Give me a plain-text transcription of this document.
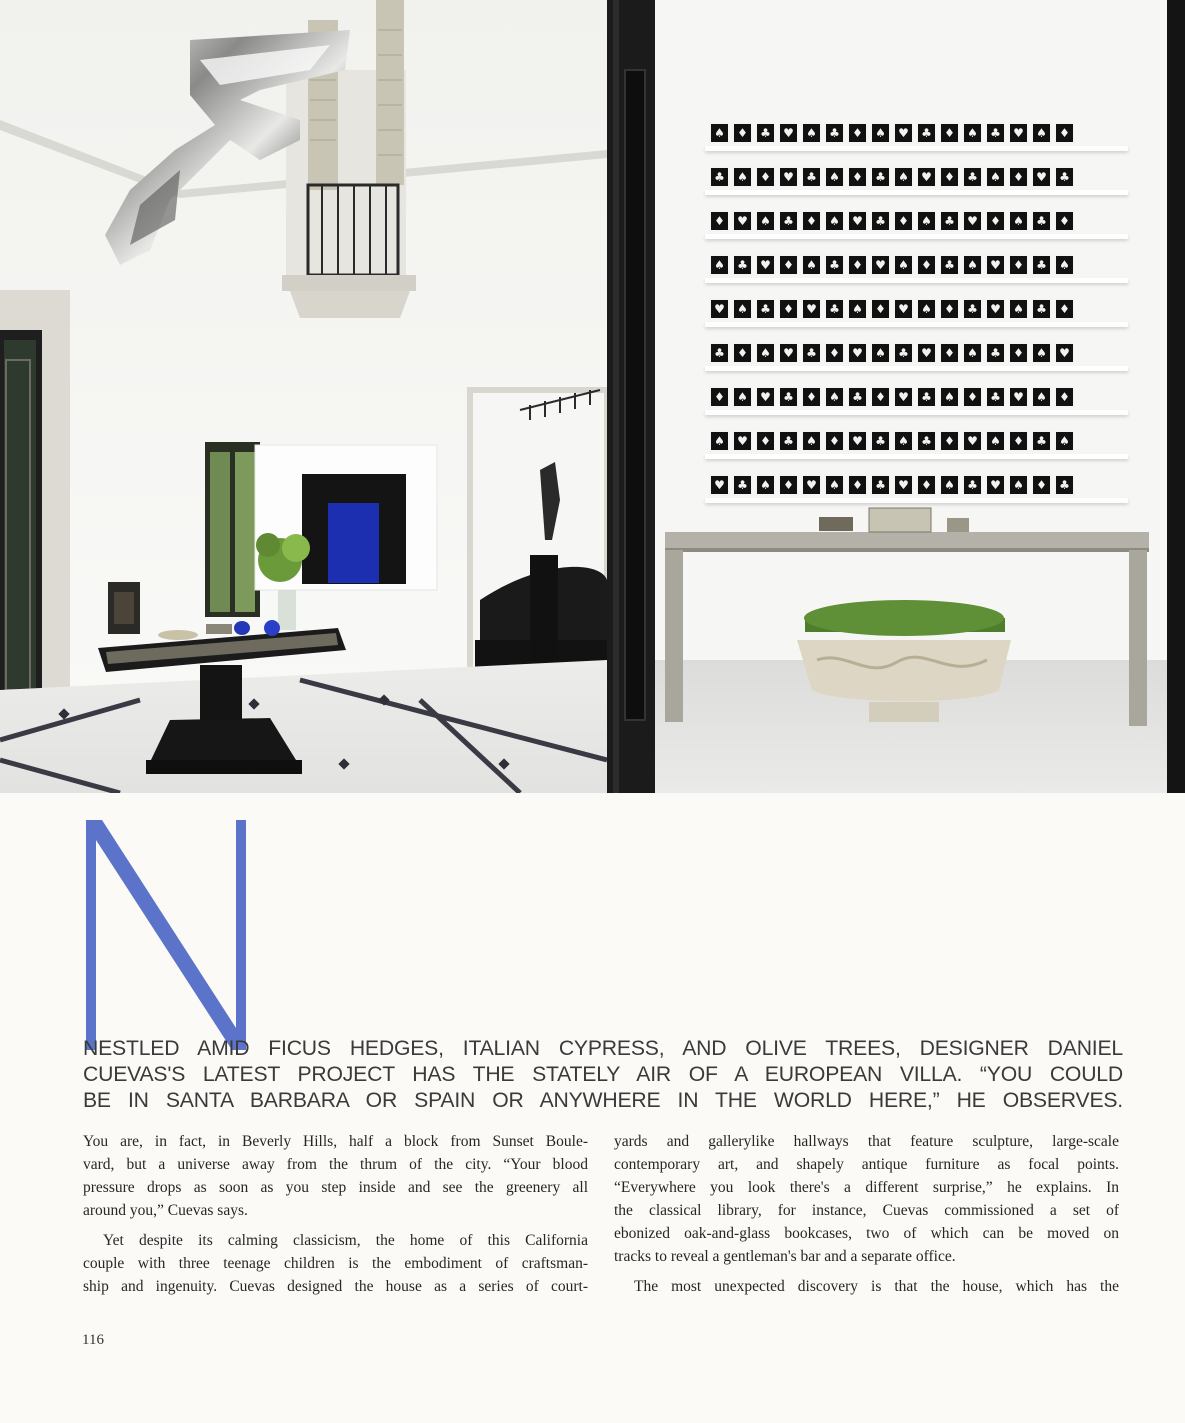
♠	♦	♣	♥	♠	♣	♦	♠	♥	♣	♦	♠	♣	♥	♠	♦
♣	♠	♦	♥	♣	♠	♦	♣	♠	♥	♦	♣	♠	♦	♥	♣
♦	♥	♠	♣	♦	♠	♥	♣	♦	♠	♣	♥	♦	♠	♣	♦
♠	♣	♥	♦	♠	♣	♦	♥	♠	♦	♣	♠	♥	♦	♣	♠
♥	♠	♣	♦	♥	♣	♠	♦	♥	♠	♦	♣	♥	♠	♣	♦
♣	♦	♠	♥	♣	♦	♥	♠	♣	♥	♦	♠	♣	♦	♠	♥
♦	♠	♥	♣	♦	♠	♣	♦	♥	♣	♠	♦	♣	♥	♠	♦
♠	♥	♦	♣	♠	♦	♥	♣	♠	♣	♦	♥	♠	♦	♣	♠
♥	♣	♠	♦	♥	♠	♦	♣	♥	♦	♠	♣	♥	♠	♦	♣
N
NESTLED AMID FICUS HEDGES, ITALIAN CYPRESS, AND OLIVE TREES, DESIGNER DANIEL
CUEVAS'S LATEST PROJECT HAS THE STATELY AIR OF A EUROPEAN VILLA. “YOU COULD
BE IN SANTA BARBARA OR SPAIN OR ANYWHERE IN THE WORLD HERE,” HE OBSERVES.

You are, in fact, in Beverly Hills, half a block from Sunset Boule-
vard, but a universe away from the thrum of the city. “Your blood
pressure drops as soon as you step inside and see the greenery all
around you,” Cuevas says.

Yet despite its calming classicism, the home of this California
couple with three teenage children is the embodiment of craftsman-
ship and ingenuity. Cuevas designed the house as a series of court-

yards and gallerylike hallways that feature sculpture, large-scale
contemporary art, and shapely antique furniture as focal points.
“Everywhere you look there's a different surprise,” he explains. In
the classical library, for instance, Cuevas commissioned a set of
ebonized oak-and-glass bookcases, two of which can be moved on
tracks to reveal a gentleman's bar and a separate office.

The most unexpected discovery is that the house, which has the

116
